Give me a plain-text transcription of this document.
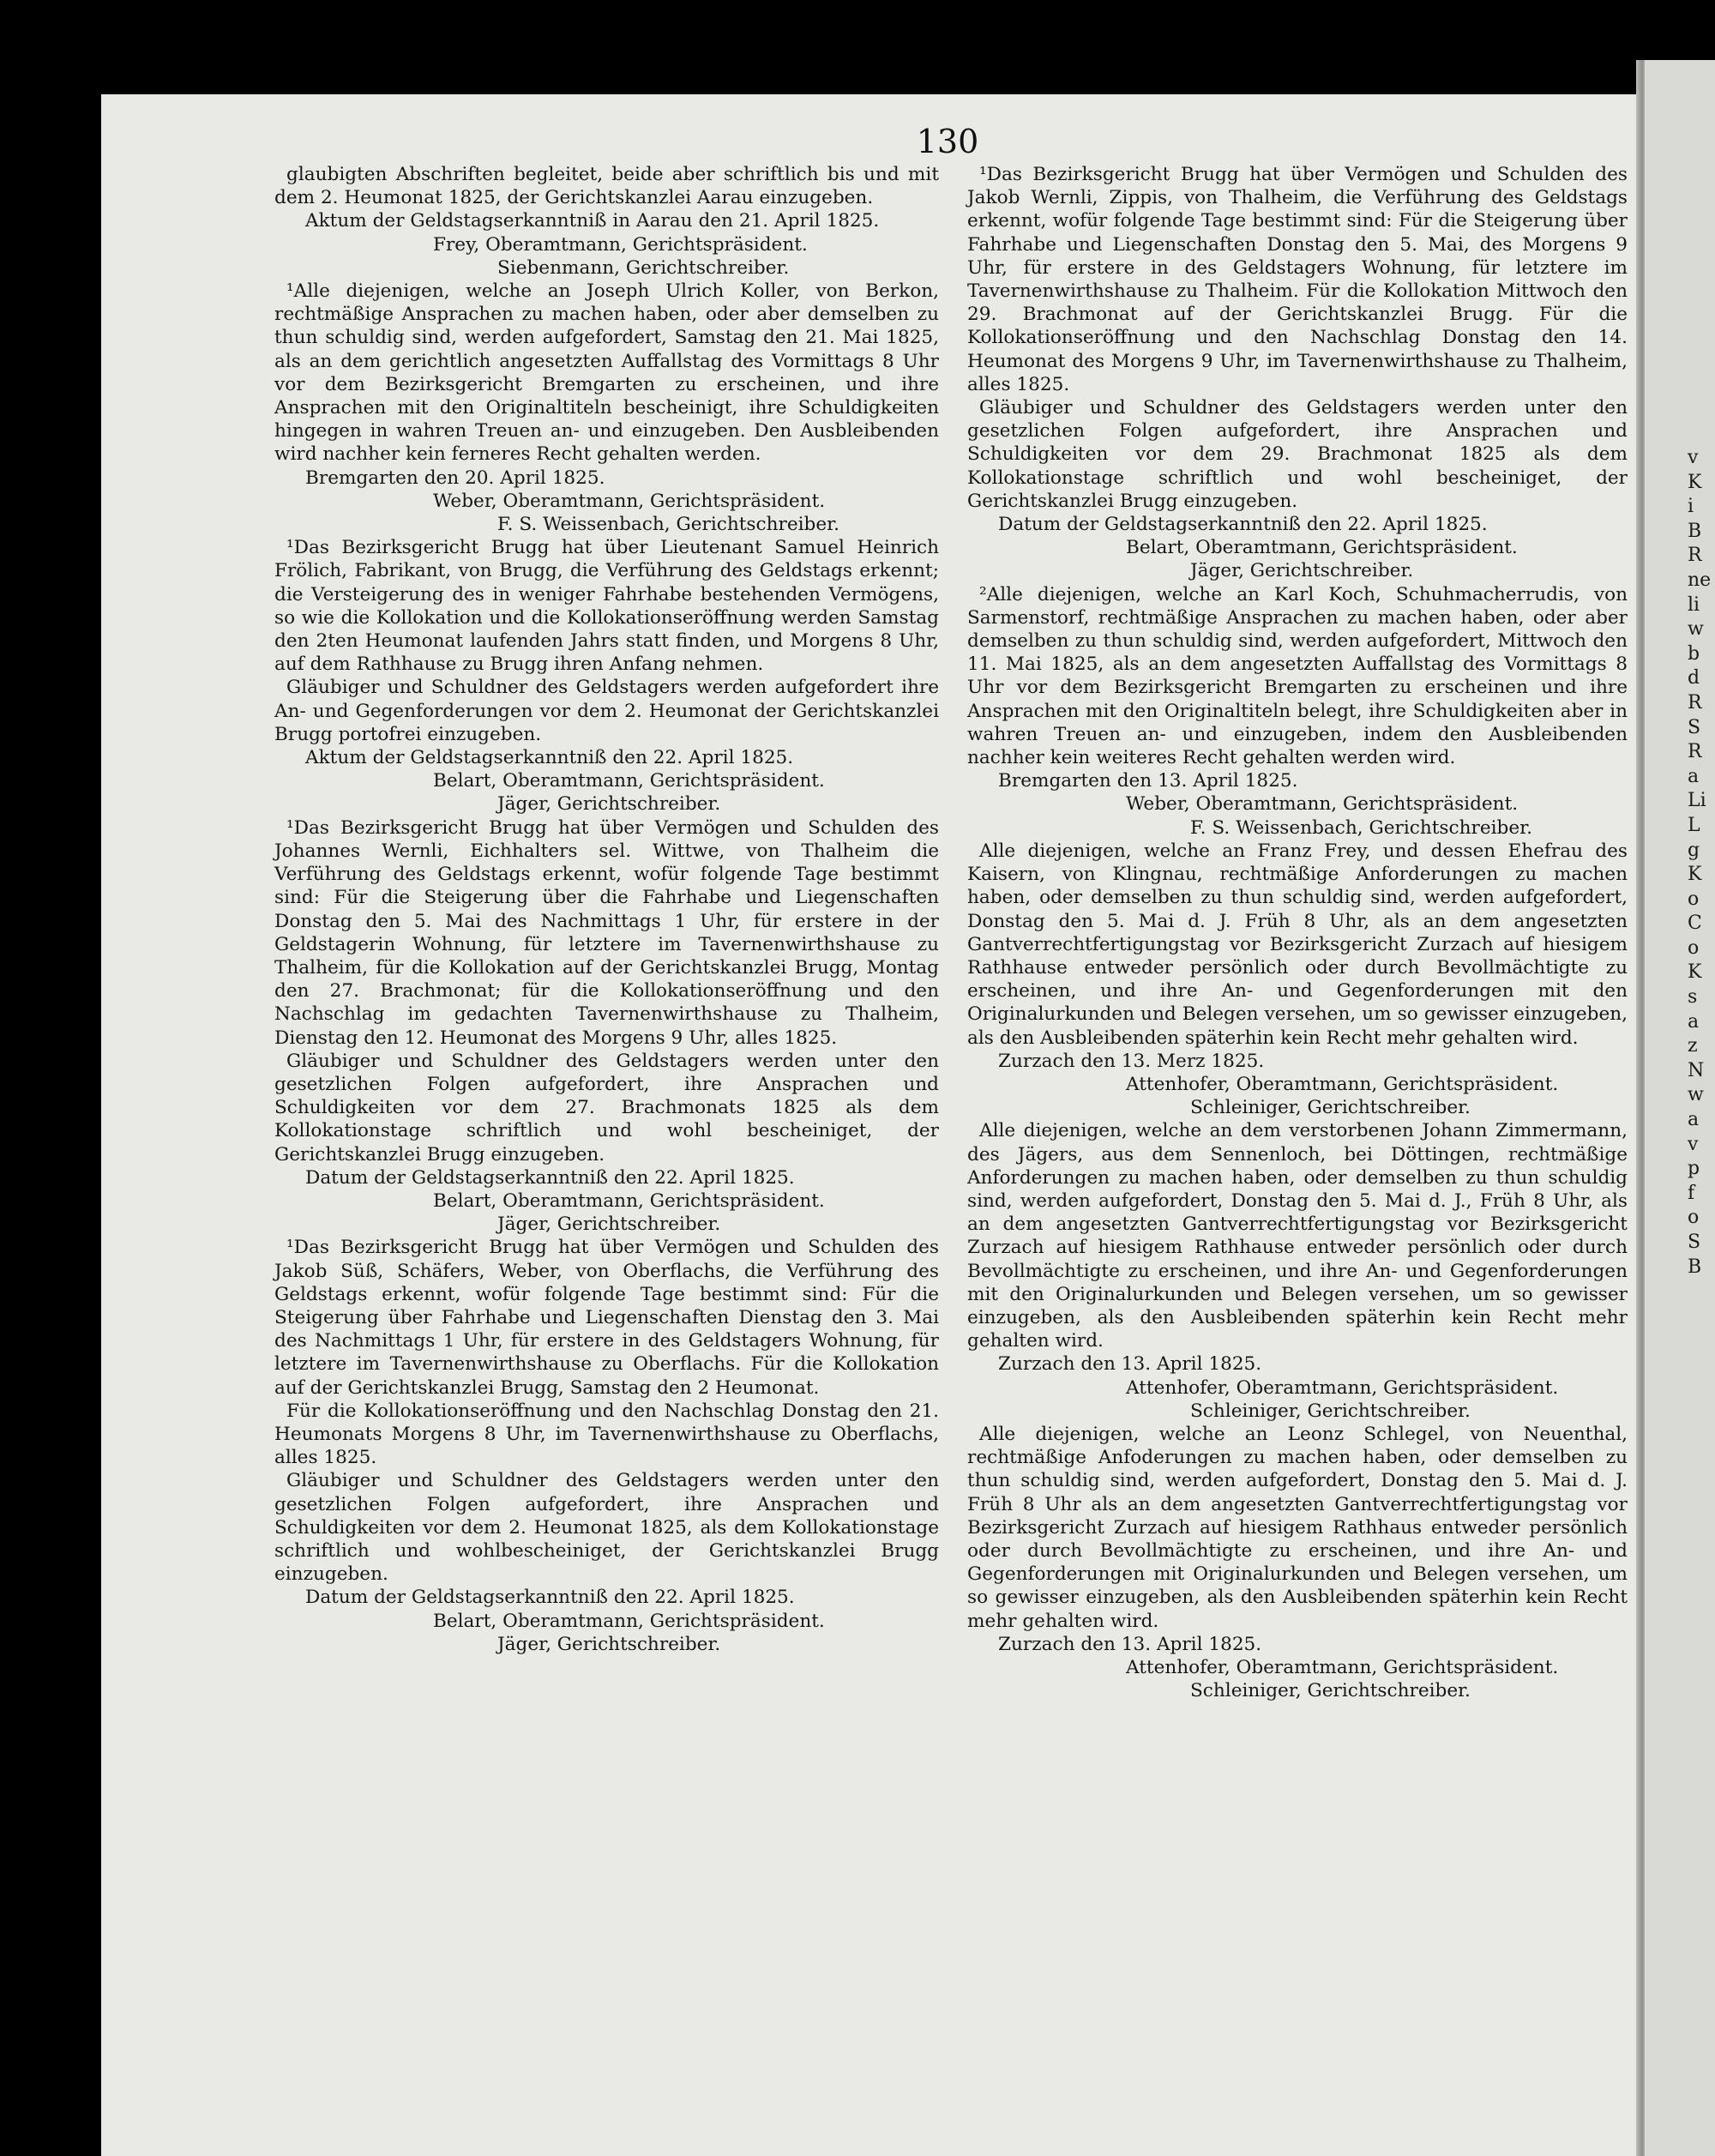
130

glaubigten Abschriften begleitet, beide aber schriftlich bis und mit dem 2. Heumonat 1825, der Gerichtskanzlei Aarau einzugeben.

Aktum der Geldstagserkanntniß in Aarau den 21. April 1825.

Frey, Oberamtmann, Gerichtspräsident.

Siebenmann, Gerichtschreiber.

¹Alle diejenigen, welche an Joseph Ulrich Koller, von Berkon, rechtmäßige Ansprachen zu machen haben, oder aber demselben zu thun schuldig sind, werden aufgefordert, Samstag den 21. Mai 1825, als an dem gerichtlich angesetzten Auffallstag des Vormittags 8 Uhr vor dem Bezirksgericht Bremgarten zu erscheinen, und ihre Ansprachen mit den Originaltiteln bescheinigt, ihre Schuldigkeiten hingegen in wahren Treuen an- und einzugeben. Den Ausbleibenden wird nachher kein ferneres Recht gehalten werden.

Bremgarten den 20. April 1825.

Weber, Oberamtmann, Gerichtspräsident.

F. S. Weissenbach, Gerichtschreiber.

¹Das Bezirksgericht Brugg hat über Lieutenant Samuel Heinrich Frölich, Fabrikant, von Brugg, die Verführung des Geldstags erkennt; die Versteigerung des in weniger Fahrhabe bestehenden Vermögens, so wie die Kollokation und die Kollokationseröffnung werden Samstag den 2ten Heumonat laufenden Jahrs statt finden, und Morgens 8 Uhr, auf dem Rathhause zu Brugg ihren Anfang nehmen.

Gläubiger und Schuldner des Geldstagers werden aufgefordert ihre An- und Gegenforderungen vor dem 2. Heumonat der Gerichtskanzlei Brugg portofrei einzugeben.

Aktum der Geldstagserkanntniß den 22. April 1825.

Belart, Oberamtmann, Gerichtspräsident.

Jäger, Gerichtschreiber.

¹Das Bezirksgericht Brugg hat über Vermögen und Schulden des Johannes Wernli, Eichhalters sel. Wittwe, von Thalheim die Verführung des Geldstags erkennt, wofür folgende Tage bestimmt sind: Für die Steigerung über die Fahrhabe und Liegenschaften Donstag den 5. Mai des Nachmittags 1 Uhr, für erstere in der Geldstagerin Wohnung, für letztere im Tavernenwirthshause zu Thalheim, für die Kollokation auf der Gerichtskanzlei Brugg, Montag den 27. Brachmonat; für die Kollokationseröffnung und den Nachschlag im gedachten Tavernenwirthshause zu Thalheim, Dienstag den 12. Heumonat des Morgens 9 Uhr, alles 1825.

Gläubiger und Schuldner des Geldstagers werden unter den gesetzlichen Folgen aufgefordert, ihre Ansprachen und Schuldigkeiten vor dem 27. Brachmonats 1825 als dem Kollokationstage schriftlich und wohl bescheiniget, der Gerichtskanzlei Brugg einzugeben.

Datum der Geldstagserkanntniß den 22. April 1825.

Belart, Oberamtmann, Gerichtspräsident.

Jäger, Gerichtschreiber.

¹Das Bezirksgericht Brugg hat über Vermögen und Schulden des Jakob Süß, Schäfers, Weber, von Oberflachs, die Verführung des Geldstags erkennt, wofür folgende Tage bestimmt sind: Für die Steigerung über Fahrhabe und Liegenschaften Dienstag den 3. Mai des Nachmittags 1 Uhr, für erstere in des Geldstagers Wohnung, für letztere im Tavernenwirthshause zu Oberflachs. Für die Kollokation auf der Gerichtskanzlei Brugg, Samstag den 2 Heumonat.

Für die Kollokationseröffnung und den Nachschlag Donstag den 21. Heumonats Morgens 8 Uhr, im Tavernenwirthshause zu Oberflachs, alles 1825.

Gläubiger und Schuldner des Geldstagers werden unter den gesetzlichen Folgen aufgefordert, ihre Ansprachen und Schuldigkeiten vor dem 2. Heumonat 1825, als dem Kollokationstage schriftlich und wohlbescheiniget, der Gerichtskanzlei Brugg einzugeben.

Datum der Geldstagserkanntniß den 22. April 1825.

Belart, Oberamtmann, Gerichtspräsident.

Jäger, Gerichtschreiber.

¹Das Bezirksgericht Brugg hat über Vermögen und Schulden des Jakob Wernli, Zippis, von Thalheim, die Verführung des Geldstags erkennt, wofür folgende Tage bestimmt sind: Für die Steigerung über Fahrhabe und Liegenschaften Donstag den 5. Mai, des Morgens 9 Uhr, für erstere in des Geldstagers Wohnung, für letztere im Tavernenwirthshause zu Thalheim. Für die Kollokation Mittwoch den 29. Brachmonat auf der Gerichtskanzlei Brugg. Für die Kollokationseröffnung und den Nachschlag Donstag den 14. Heumonat des Morgens 9 Uhr, im Tavernenwirthshause zu Thalheim, alles 1825.

Gläubiger und Schuldner des Geldstagers werden unter den gesetzlichen Folgen aufgefordert, ihre Ansprachen und Schuldigkeiten vor dem 29. Brachmonat 1825 als dem Kollokationstage schriftlich und wohl bescheiniget, der Gerichtskanzlei Brugg einzugeben.

Datum der Geldstagserkanntniß den 22. April 1825.

Belart, Oberamtmann, Gerichtspräsident.

Jäger, Gerichtschreiber.

²Alle diejenigen, welche an Karl Koch, Schuhmacherrudis, von Sarmenstorf, rechtmäßige Ansprachen zu machen haben, oder aber demselben zu thun schuldig sind, werden aufgefordert, Mittwoch den 11. Mai 1825, als an dem angesetzten Auffallstag des Vormittags 8 Uhr vor dem Bezirksgericht Bremgarten zu erscheinen und ihre Ansprachen mit den Originaltiteln belegt, ihre Schuldigkeiten aber in wahren Treuen an- und einzugeben, indem den Ausbleibenden nachher kein weiteres Recht gehalten werden wird.

Bremgarten den 13. April 1825.

Weber, Oberamtmann, Gerichtspräsident.

F. S. Weissenbach, Gerichtschreiber.

Alle diejenigen, welche an Franz Frey, und dessen Ehefrau des Kaisern, von Klingnau, rechtmäßige Anforderungen zu machen haben, oder demselben zu thun schuldig sind, werden aufgefordert, Donstag den 5. Mai d. J. Früh 8 Uhr, als an dem angesetzten Gantverrechtfertigungstag vor Bezirksgericht Zurzach auf hiesigem Rathhause entweder persönlich oder durch Bevollmächtigte zu erscheinen, und ihre An- und Gegenforderungen mit den Originalurkunden und Belegen versehen, um so gewisser einzugeben, als den Ausbleibenden späterhin kein Recht mehr gehalten wird.

Zurzach den 13. Merz 1825.

Attenhofer, Oberamtmann, Gerichtspräsident.

Schleiniger, Gerichtschreiber.

Alle diejenigen, welche an dem verstorbenen Johann Zimmermann, des Jägers, aus dem Sennenloch, bei Döttingen, rechtmäßige Anforderungen zu machen haben, oder demselben zu thun schuldig sind, werden aufgefordert, Donstag den 5. Mai d. J., Früh 8 Uhr, als an dem angesetzten Gantverrechtfertigungstag vor Bezirksgericht Zurzach auf hiesigem Rathhause entweder persönlich oder durch Bevollmächtigte zu erscheinen, und ihre An- und Gegenforderungen mit den Originalurkunden und Belegen versehen, um so gewisser einzugeben, als den Ausbleibenden späterhin kein Recht mehr gehalten wird.

Zurzach den 13. April 1825.

Attenhofer, Oberamtmann, Gerichtspräsident.

Schleiniger, Gerichtschreiber.

Alle diejenigen, welche an Leonz Schlegel, von Neuenthal, rechtmäßige Anfoderungen zu machen haben, oder demselben zu thun schuldig sind, werden aufgefordert, Donstag den 5. Mai d. J. Früh 8 Uhr als an dem angesetzten Gantverrechtfertigungstag vor Bezirksgericht Zurzach auf hiesigem Rathhaus entweder persönlich oder durch Bevollmächtigte zu erscheinen, und ihre An- und Gegenforderungen mit Originalurkunden und Belegen versehen, um so gewisser einzugeben, als den Ausbleibenden späterhin kein Recht mehr gehalten wird.

Zurzach den 13. April 1825.

Attenhofer, Oberamtmann, Gerichtspräsident.

Schleiniger, Gerichtschreiber.

v
K
i
B
R
ne
li
w
b
d
R
S
R
a
Li
L
g
K
o
C
o
K
s
a
z
N
w
a
v
p
f
o
S
B
